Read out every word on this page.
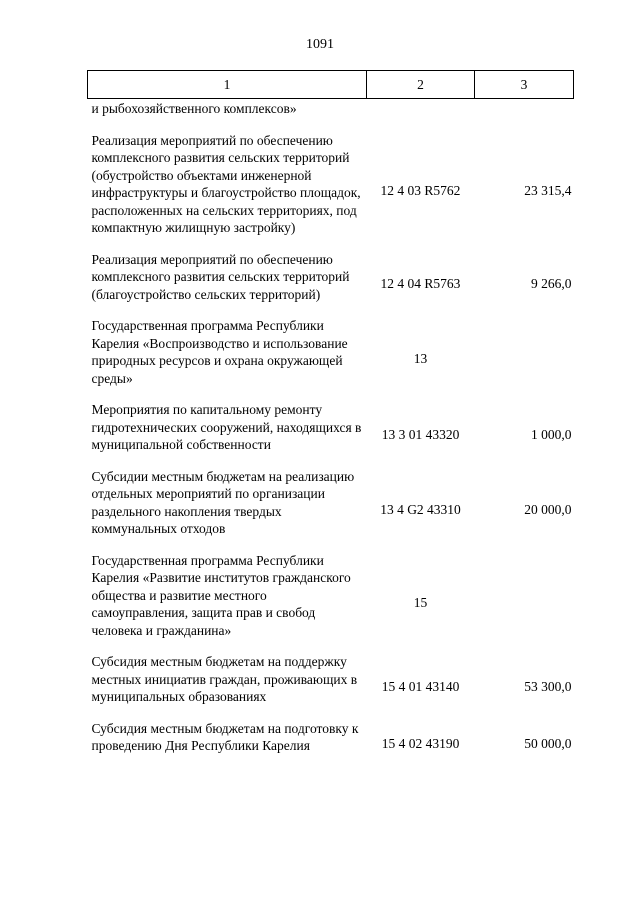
1091
1	2	3
и рыбохозяйственного комплексов»		
Реализация мероприятий по обеспечению комплексного развития сельских территорий (обустройство объектами инженерной инфраструктуры и благоустройство площадок, расположенных на сельских территориях, под компактную жилищную застройку)	12 4 03 R5762	23 315,4
Реализация мероприятий по обеспечению комплексного развития сельских территорий (благоустройство сельских территорий)	12 4 04 R5763	9 266,0
Государственная программа Республики Карелия «Воспроизводство и использование природных ресурсов и охрана окружающей среды»	13	
Мероприятия по капитальному ремонту гидротехнических сооружений, находящихся в муниципальной собственности	13 3 01 43320	1 000,0
Субсидии местным бюджетам на реализацию отдельных мероприятий по организации раздельного накопления твердых коммунальных отходов	13 4 G2 43310	20 000,0
Государственная программа Республики Карелия «Развитие институтов гражданского общества и развитие местного самоуправления, защита прав и свобод человека и гражданина»	15	
Субсидия местным бюджетам на поддержку местных инициатив граждан, проживающих в муниципальных образованиях	15 4 01 43140	53 300,0
Субсидия местным бюджетам на подготовку к проведению Дня Республики Карелия	15 4 02 43190	50 000,0
